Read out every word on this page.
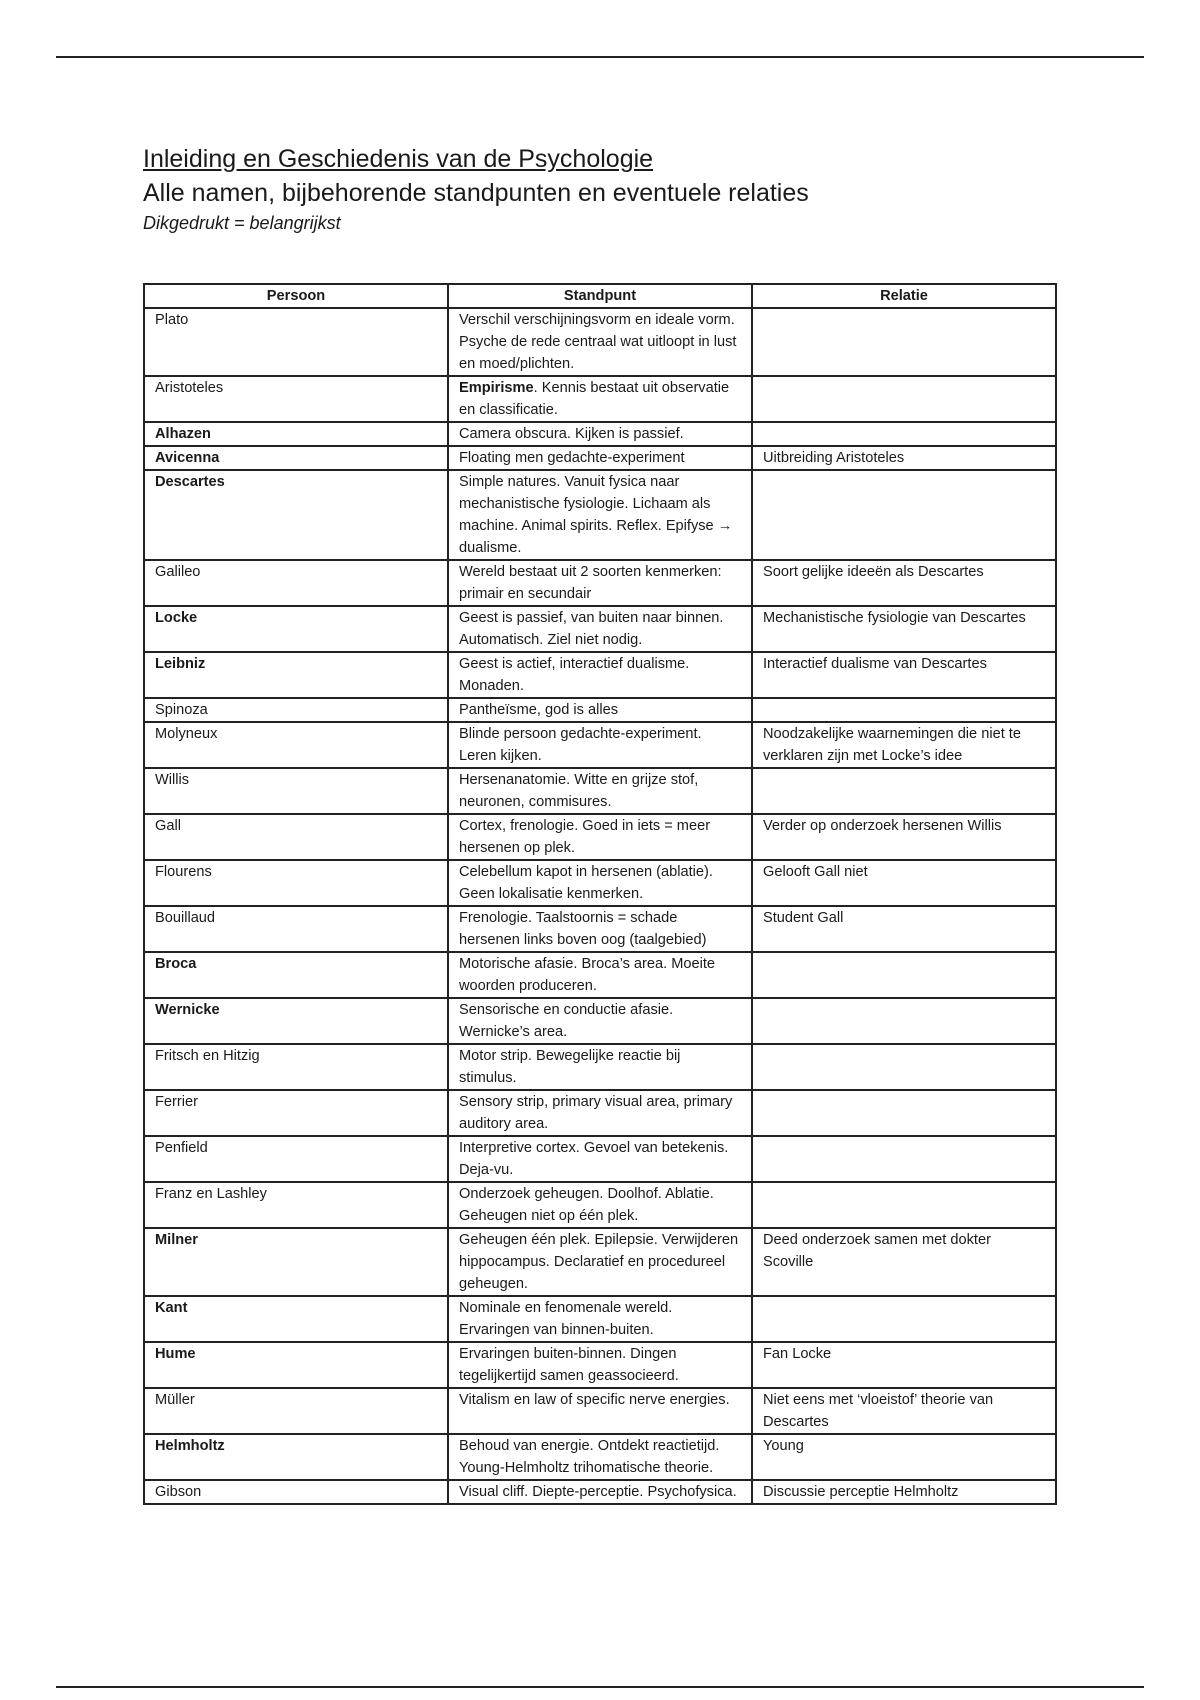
Inleiding en Geschiedenis van de Psychologie
Alle namen, bijbehorende standpunten en eventuele relaties

Dikgedrukt = belangrijkst

Persoon	Standpunt	Relatie
Plato	Verschil verschijningsvorm en ideale vorm. Psyche de rede centraal wat uitloopt in lust en moed/plichten.	
Aristoteles	Empirisme. Kennis bestaat uit observatie en classificatie.	
Alhazen	Camera obscura. Kijken is passief.	
Avicenna	Floating men gedachte-experiment	Uitbreiding Aristoteles
Descartes	Simple natures. Vanuit fysica naar mechanistische fysiologie. Lichaam als machine. Animal spirits. Reflex. Epifyse → dualisme.	
Galileo	Wereld bestaat uit 2 soorten kenmerken: primair en secundair	Soort gelijke ideeën als Descartes
Locke	Geest is passief, van buiten naar binnen. Automatisch. Ziel niet nodig.	Mechanistische fysiologie van Descartes
Leibniz	Geest is actief, interactief dualisme. Monaden.	Interactief dualisme van Descartes
Spinoza	Pantheïsme, god is alles	
Molyneux	Blinde persoon gedachte-experiment. Leren kijken.	Noodzakelijke waarnemingen die niet te verklaren zijn met Locke’s idee
Willis	Hersenanatomie. Witte en grijze stof, neuronen, commisures.	
Gall	Cortex, frenologie. Goed in iets = meer hersenen op plek.	Verder op onderzoek hersenen Willis
Flourens	Celebellum kapot in hersenen (ablatie). Geen lokalisatie kenmerken.	Gelooft Gall niet
Bouillaud	Frenologie. Taalstoornis = schade hersenen links boven oog (taalgebied)	Student Gall
Broca	Motorische afasie. Broca’s area. Moeite woorden produceren.	
Wernicke	Sensorische en conductie afasie. Wernicke’s area.	
Fritsch en Hitzig	Motor strip. Bewegelijke reactie bij stimulus.	
Ferrier	Sensory strip, primary visual area, primary auditory area.	
Penfield	Interpretive cortex. Gevoel van betekenis. Deja-vu.	
Franz en Lashley	Onderzoek geheugen. Doolhof. Ablatie. Geheugen niet op één plek.	
Milner	Geheugen één plek. Epilepsie. Verwijderen hippocampus. Declaratief en procedureel geheugen.	Deed onderzoek samen met dokter Scoville
Kant	Nominale en fenomenale wereld. Ervaringen van binnen-buiten.	
Hume	Ervaringen buiten-binnen. Dingen tegelijkertijd samen geassocieerd.	Fan Locke
Müller	Vitalism en law of specific nerve energies.	Niet eens met ‘vloeistof’ theorie van Descartes
Helmholtz	Behoud van energie. Ontdekt reactietijd. Young-Helmholtz trihomatische theorie.	Young
Gibson	Visual cliff. Diepte-perceptie. Psychofysica.	Discussie perceptie Helmholtz
